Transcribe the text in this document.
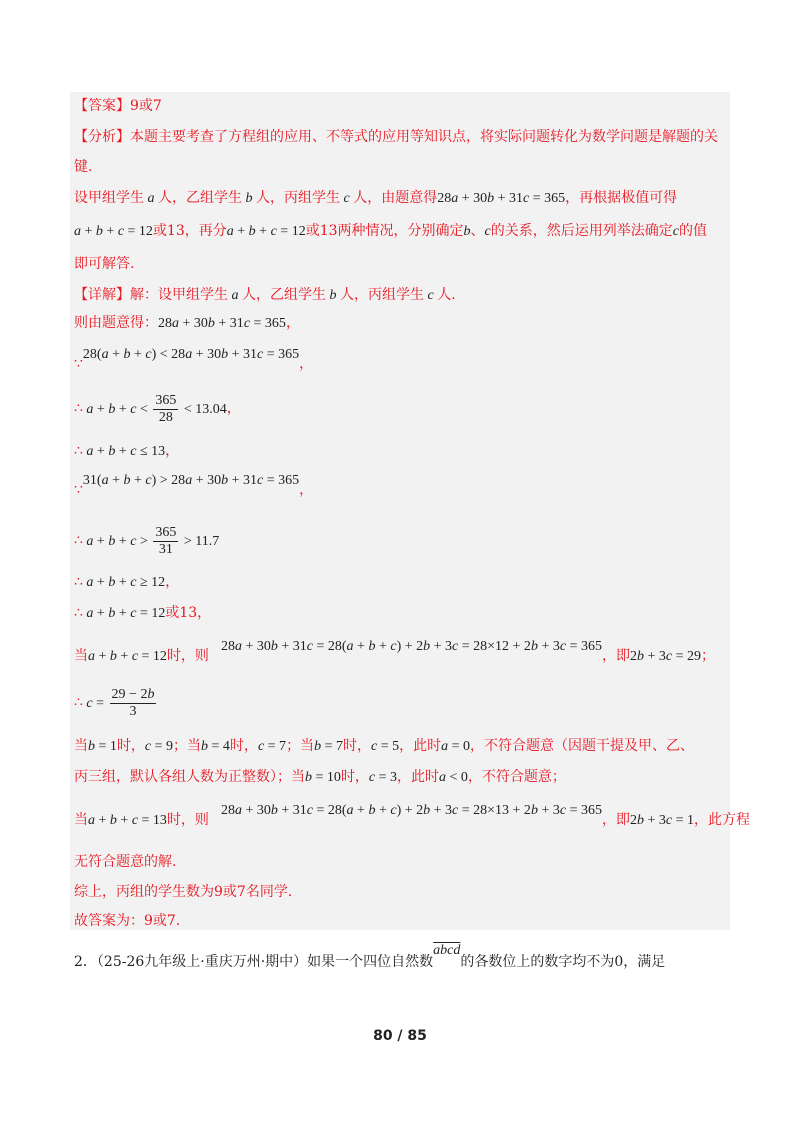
【答案】9或7
【分析】本题主要考查了方程组的应用、不等式的应用等知识点，将实际问题转化为数学问题是解题的关
键.
设甲组学生 a 人，乙组学生 b 人，丙组学生 c 人，由题意得28a + 30b + 31c = 365，再根据极值可得
a + b + c = 12或13，再分a + b + c = 12或13两种情况，分别确定b、c的关系，然后运用列举法确定c的值
即可解答.
【详解】解：设甲组学生 a 人，乙组学生 b 人，丙组学生 c 人.
则由题意得：28a + 30b + 31c = 365，
∵28(a + b + c) < 28a + 30b + 31c = 365，
∴ $a + b + c < \frac{365}{28} < 13.04$，
∴ a + b + c ≤ 13，
∵31(a + b + c) > 28a + 30b + 31c = 365，
∴ $a + b + c > \frac{365}{31} > 11.7$
∴ a + b + c ≥ 12，
∴ a + b + c = 12或13，
当a + b + c = 12时，则28a + 30b + 31c = 28(a + b + c) + 2b + 3c = 28×12 + 2b + 3c = 365，即2b + 3c = 29；
∴ $c = \frac{29 - 2b}{3}$
当b = 1时，c = 9；当b = 4时，c = 7；当b = 7时，c = 5，此时a = 0，不符合题意（因题干提及甲、乙、
丙三组，默认各组人数为正整数）；当b = 10时，c = 3，此时a < 0，不符合题意；
当a + b + c = 13时，则28a + 30b + 31c = 28(a + b + c) + 2b + 3c = 28×13 + 2b + 3c = 365，即2b + 3c = 1，此方程
无符合题意的解.
综上，丙组的学生数为9或7名同学.
故答案为：9或7.
2．（25-26九年级上·重庆万州·期中）如果一个四位自然数abcd的各数位上的数字均不为0，满足
80 / 85
